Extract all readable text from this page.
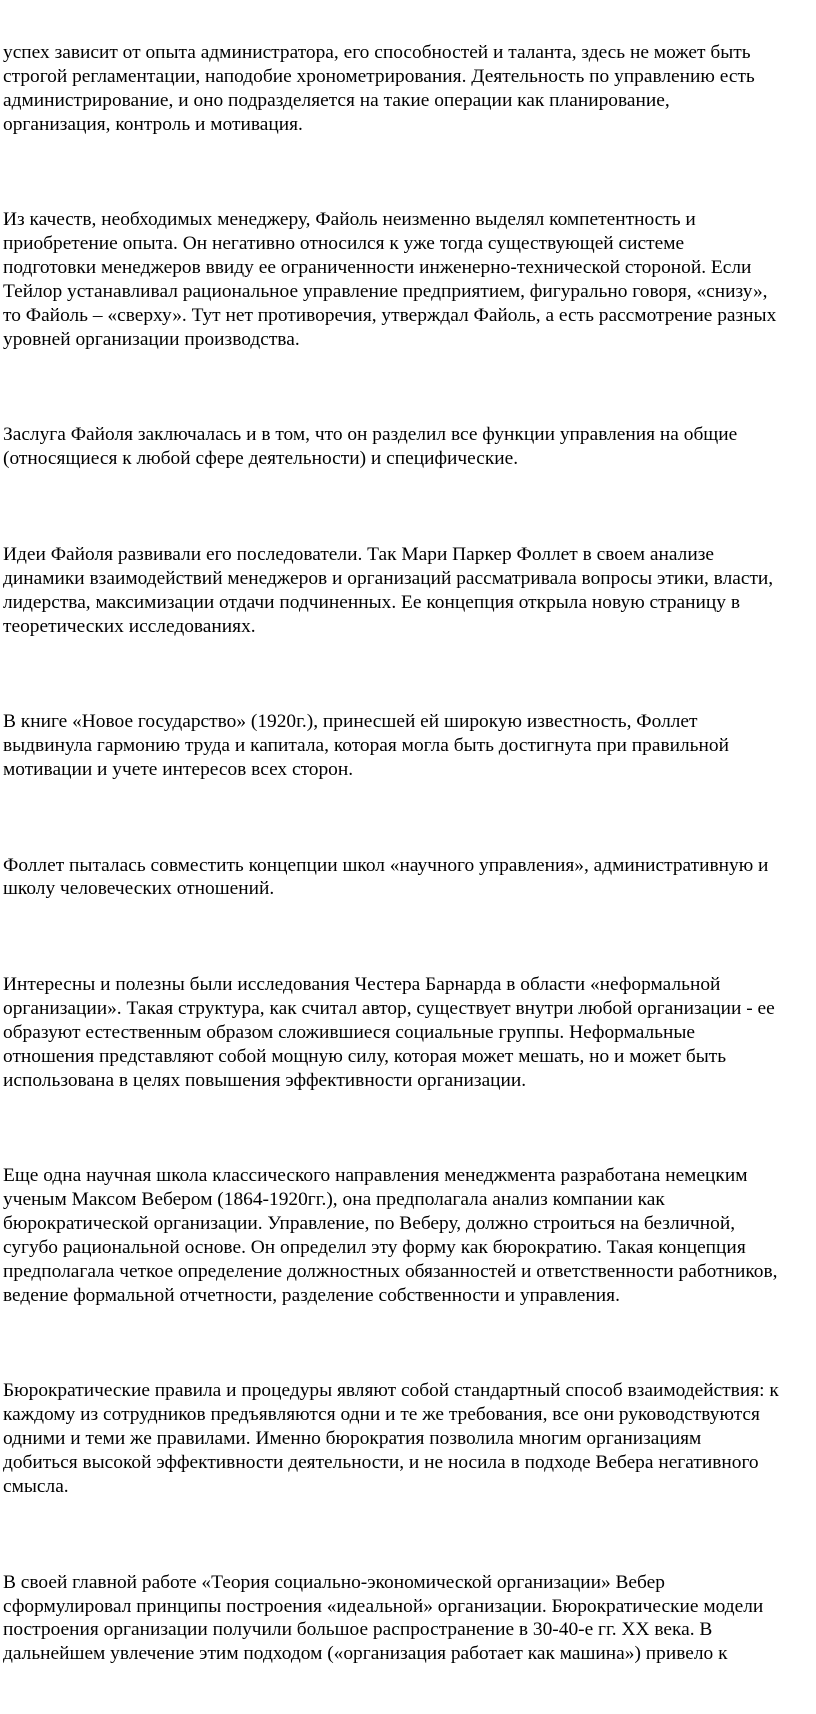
успех зависит от опыта администратора, его способностей и таланта, здесь не может быть
строгой регламентации, наподобие хронометрирования. Деятельность по управлению есть
администрирование, и оно подразделяется на такие операции как планирование,
организация, контроль и мотивация.

Из качеств, необходимых менеджеру, Файоль неизменно выделял компетентность и
приобретение опыта. Он негативно относился к уже тогда существующей системе
подготовки менеджеров ввиду ее ограниченности инженерно-технической стороной. Если
Тейлор устанавливал рациональное управление предприятием, фигурально говоря, «снизу»,
то Файоль – «сверху». Тут нет противоречия, утверждал Файоль, а есть рассмотрение разных
уровней организации производства.

Заслуга Файоля заключалась и в том, что он разделил все функции управления на общие
(относящиеся к любой сфере деятельности) и специфические.

Идеи Файоля развивали его последователи. Так Мари Паркер Фоллет в своем анализе
динамики взаимодействий менеджеров и организаций рассматривала вопросы этики, власти,
лидерства, максимизации отдачи подчиненных. Ее концепция открыла новую страницу в
теоретических исследованиях.

В книге «Новое государство» (1920г.), принесшей ей широкую известность, Фоллет
выдвинула гармонию труда и капитала, которая могла быть достигнута при правильной
мотивации и учете интересов всех сторон.

Фоллет пыталась совместить концепции школ «научного управления», административную и
школу человеческих отношений.

Интересны и полезны были исследования Честера Барнарда в области «неформальной
организации». Такая структура, как считал автор, существует внутри любой организации - ее
образуют естественным образом сложившиеся социальные группы. Неформальные
отношения представляют собой мощную силу, которая может мешать, но и может быть
использована в целях повышения эффективности организации.

Еще одна научная школа классического направления менеджмента разработана немецким
ученым Максом Вебером (1864-1920гг.), она предполагала анализ компании как
бюрократической организации. Управление, по Веберу, должно строиться на безличной,
сугубо рациональной основе. Он определил эту форму как бюрократию. Такая концепция
предполагала четкое определение должностных обязанностей и ответственности работников,
ведение формальной отчетности, разделение собственности и управления.

Бюрократические правила и процедуры являют собой стандартный способ взаимодействия: к
каждому из сотрудников предъявляются одни и те же требования, все они руководствуются
одними и теми же правилами. Именно бюрократия позволила многим организациям
добиться высокой эффективности деятельности, и не носила в подходе Вебера негативного
смысла.

В своей главной работе «Теория социально-экономической организации» Вебер
сформулировал принципы построения «идеальной» организации. Бюрократические модели
построения организации получили большое распространение в 30-40-е гг. XX века. В
дальнейшем увлечение этим подходом («организация работает как машина») привело к
